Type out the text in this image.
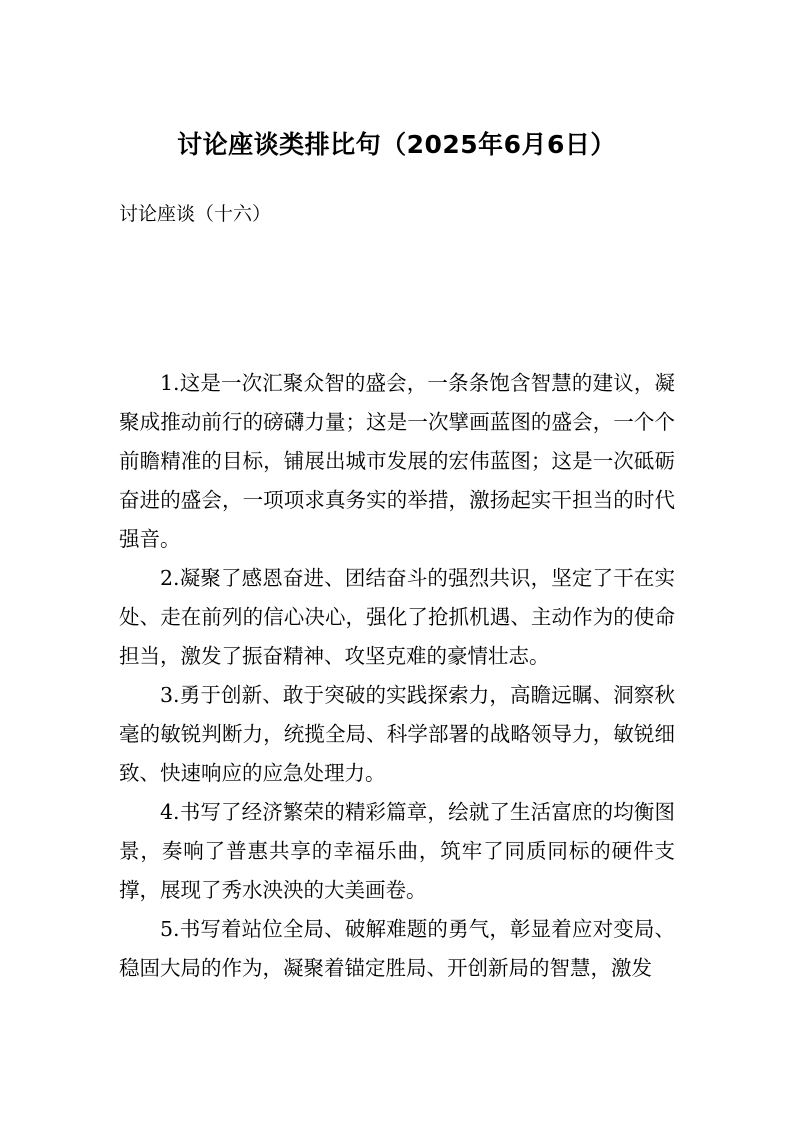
讨论座谈类排比句（2025年6月6日）
讨论座谈（十六）

1.这是一次汇聚众智的盛会，一条条饱含智慧的建议，凝聚成推动前行的磅礴力量；这是一次擘画蓝图的盛会，一个个前瞻精准的目标，铺展出城市发展的宏伟蓝图；这是一次砥砺奋进的盛会，一项项求真务实的举措，激扬起实干担当的时代强音。

2.凝聚了感恩奋进、团结奋斗的强烈共识，坚定了干在实处、走在前列的信心决心，强化了抢抓机遇、主动作为的使命担当，激发了振奋精神、攻坚克难的豪情壮志。

3.勇于创新、敢于突破的实践探索力，高瞻远瞩、洞察秋毫的敏锐判断力，统揽全局、科学部署的战略领导力，敏锐细致、快速响应的应急处理力。

4.书写了经济繁荣的精彩篇章，绘就了生活富庶的均衡图景，奏响了普惠共享的幸福乐曲，筑牢了同质同标的硬件支撑，展现了秀水泱泱的大美画卷。

5.书写着站位全局、破解难题的勇气，彰显着应对变局、稳固大局的作为，凝聚着锚定胜局、开创新局的智慧，激发
